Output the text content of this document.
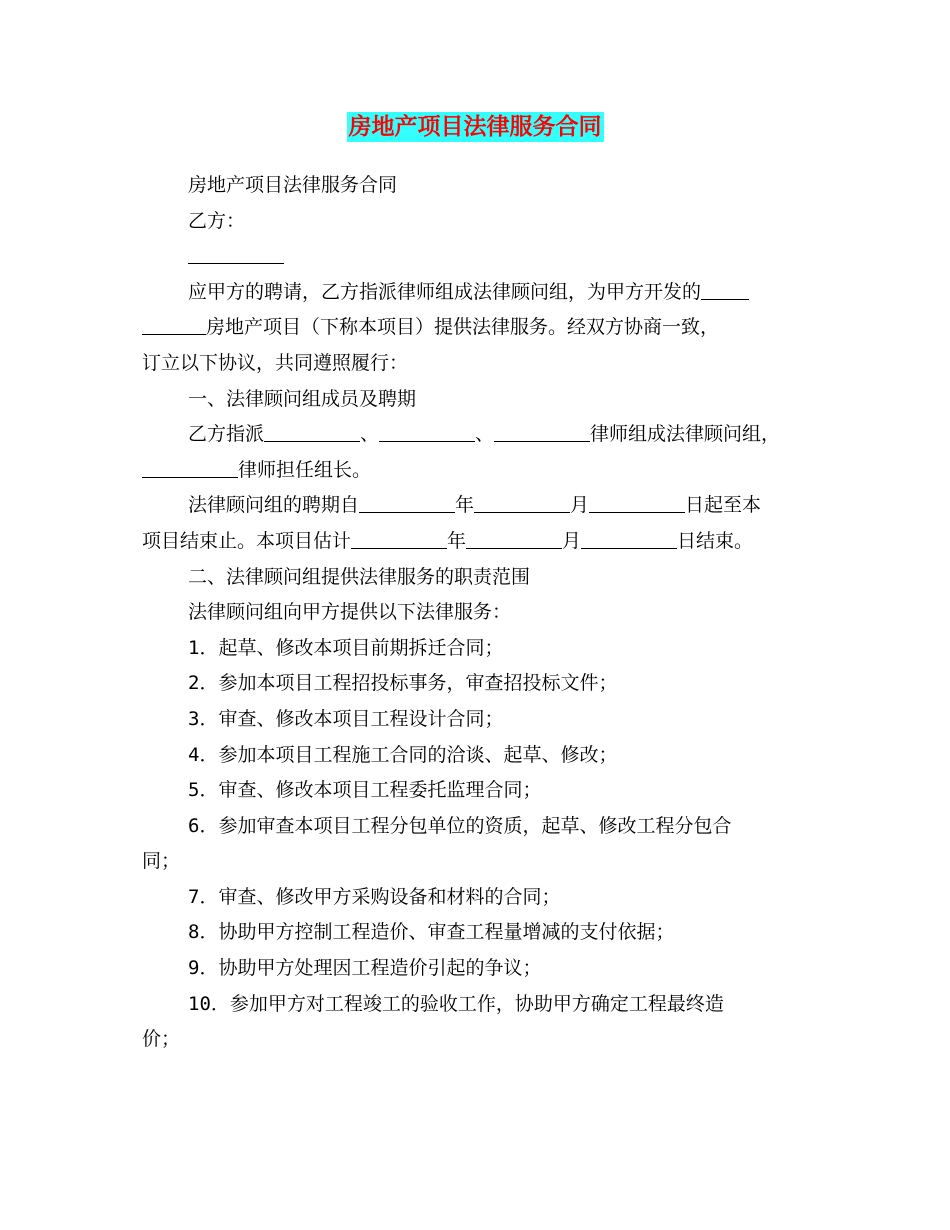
房地产项目法律服务合同

房地产项目法律服务合同

乙方：

应甲方的聘请，乙方指派律师组成法律顾问组，为甲方开发的

房地产项目（下称本项目）提供法律服务。经双方协商一致，

订立以下协议，共同遵照履行：

一、法律顾问组成员及聘期

乙方指派	、	、	律师组成法律顾问组，

律师担任组长。

法律顾问组的聘期自	年	月	日起至本

项目结束止。本项目估计	年	月	日结束。

二、法律顾问组提供法律服务的职责范围

法律顾问组向甲方提供以下法律服务：

1．起草、修改本项目前期拆迁合同；

2．参加本项目工程招投标事务，审查招投标文件；

3．审查、修改本项目工程设计合同；

4．参加本项目工程施工合同的洽谈、起草、修改；

5．审查、修改本项目工程委托监理合同；

6．参加审查本项目工程分包单位的资质，起草、修改工程分包合

同；

7．审查、修改甲方采购设备和材料的合同；

8．协助甲方控制工程造价、审查工程量增减的支付依据；

9．协助甲方处理因工程造价引起的争议；

10．参加甲方对工程竣工的验收工作，协助甲方确定工程最终造

价；
